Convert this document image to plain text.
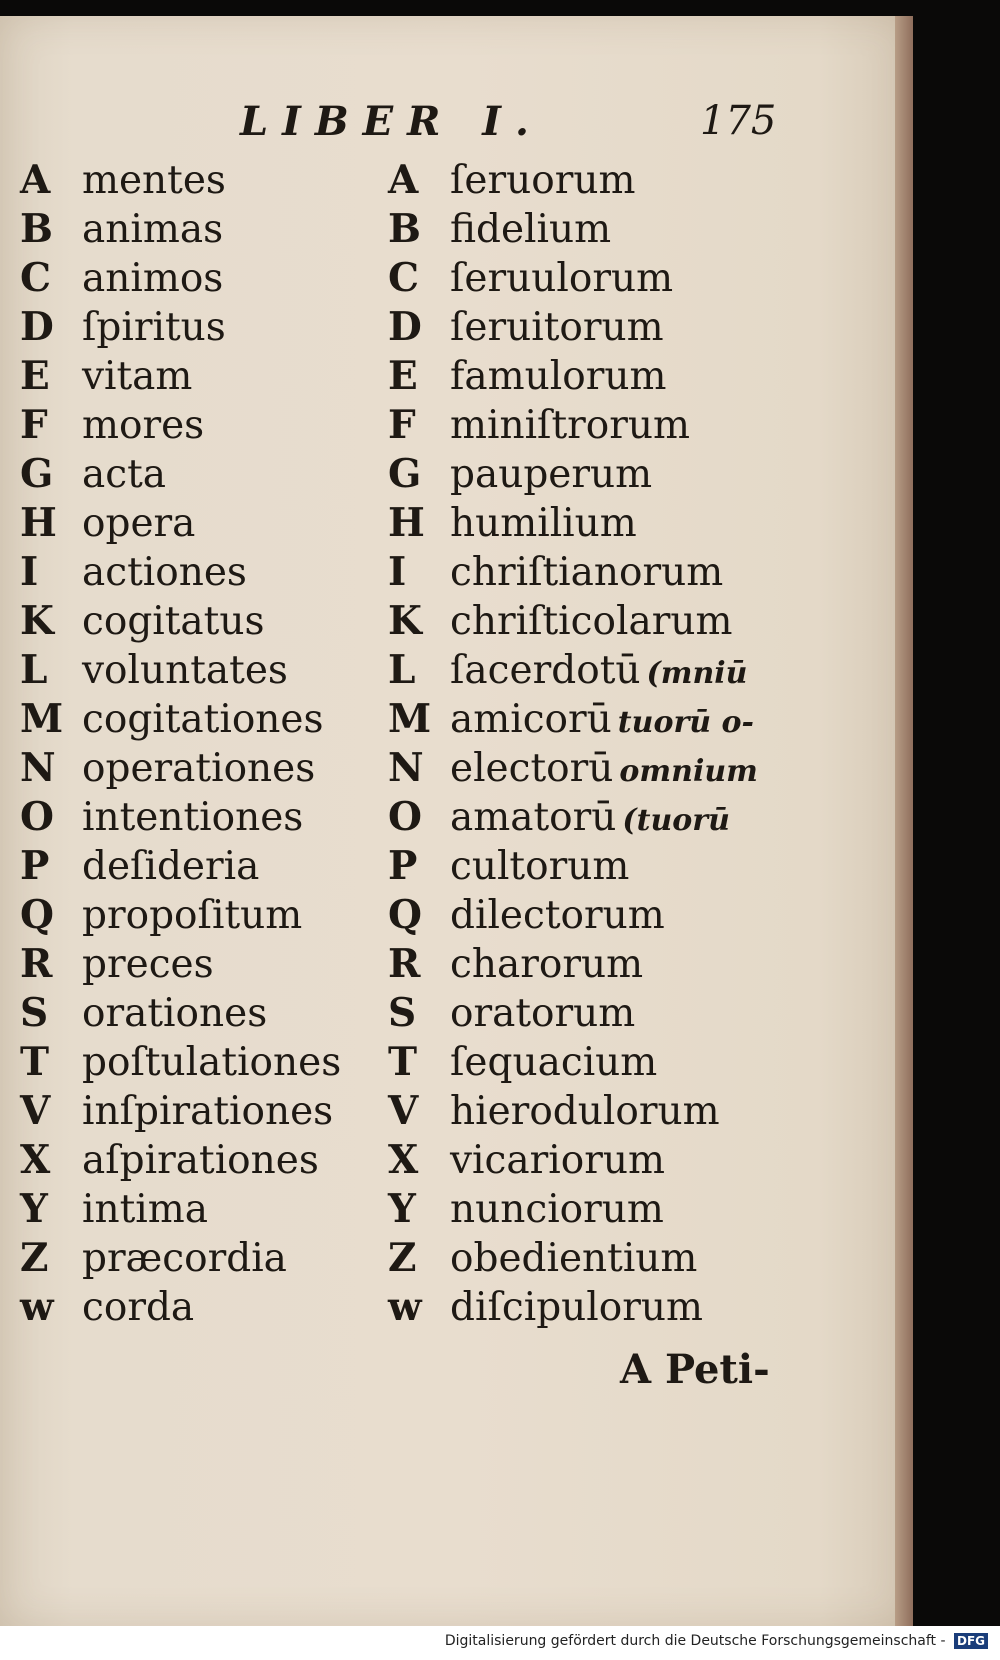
LIBER I.	175
A mentes
B animas
C animos
D ſpiritus
E vitam
F mores
G acta
H opera
I actiones
K cogitatus
L voluntates
M cogitationes
N operationes
O intentiones
P deſideria
Q propoſitum
R preces
S orationes
T poſtulationes
V inſpirationes
X aſpirationes
Y intima
Z præcordia
w corda
A ſeruorum
B fidelium
C ſeruulorum
D ſeruitorum
E famulorum
F miniſtrorum
G pauperum
H humilium
I chriſtianorum
K chriſticolarum
L ſacerdotū (mniū
M amicorū tuorū o-
N electorū omnium
O amatorū (tuorū
P cultorum
Q dilectorum
R charorum
S oratorum
T ſequacium
V hierodulorum
X vicariorum
Y nunciorum
Z obedientium
w diſcipulorum
A Peti-
Digitalisierung gefördert durch die Deutsche Forschungsgemeinschaft - DFG
